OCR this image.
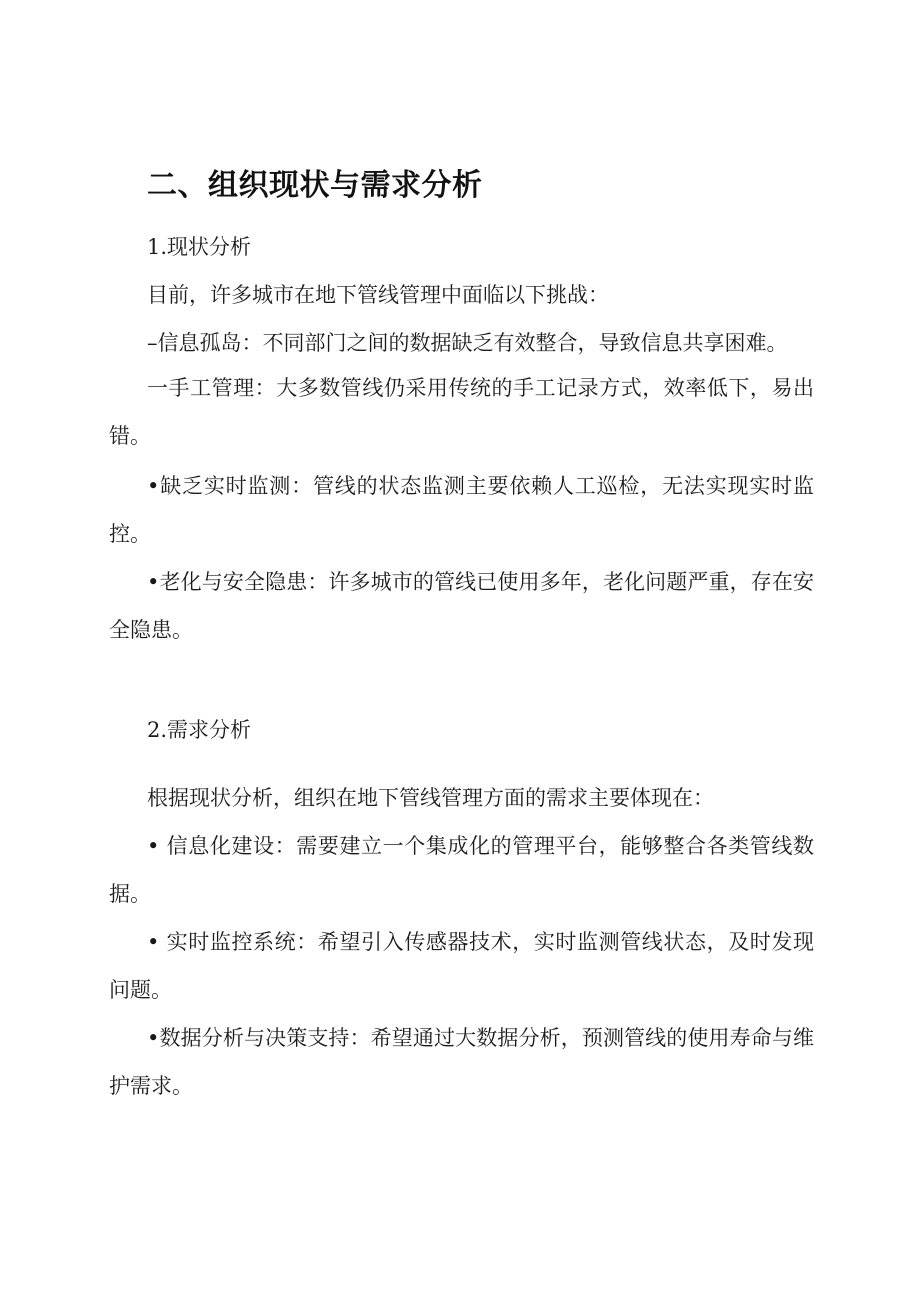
二、组织现状与需求分析

1.现状分析

目前，许多城市在地下管线管理中面临以下挑战：

–信息孤岛：不同部门之间的数据缺乏有效整合，导致信息共享困难。

一手工管理：大多数管线仍采用传统的手工记录方式，效率低下，易出错。

•缺乏实时监测：管线的状态监测主要依赖人工巡检，无法实现实时监控。

•老化与安全隐患：许多城市的管线已使用多年，老化问题严重，存在安全隐患。

2.需求分析

根据现状分析，组织在地下管线管理方面的需求主要体现在：

• 信息化建设：需要建立一个集成化的管理平台，能够整合各类管线数据。

• 实时监控系统：希望引入传感器技术，实时监测管线状态，及时发现问题。

•数据分析与决策支持：希望通过大数据分析，预测管线的使用寿命与维护需求。
